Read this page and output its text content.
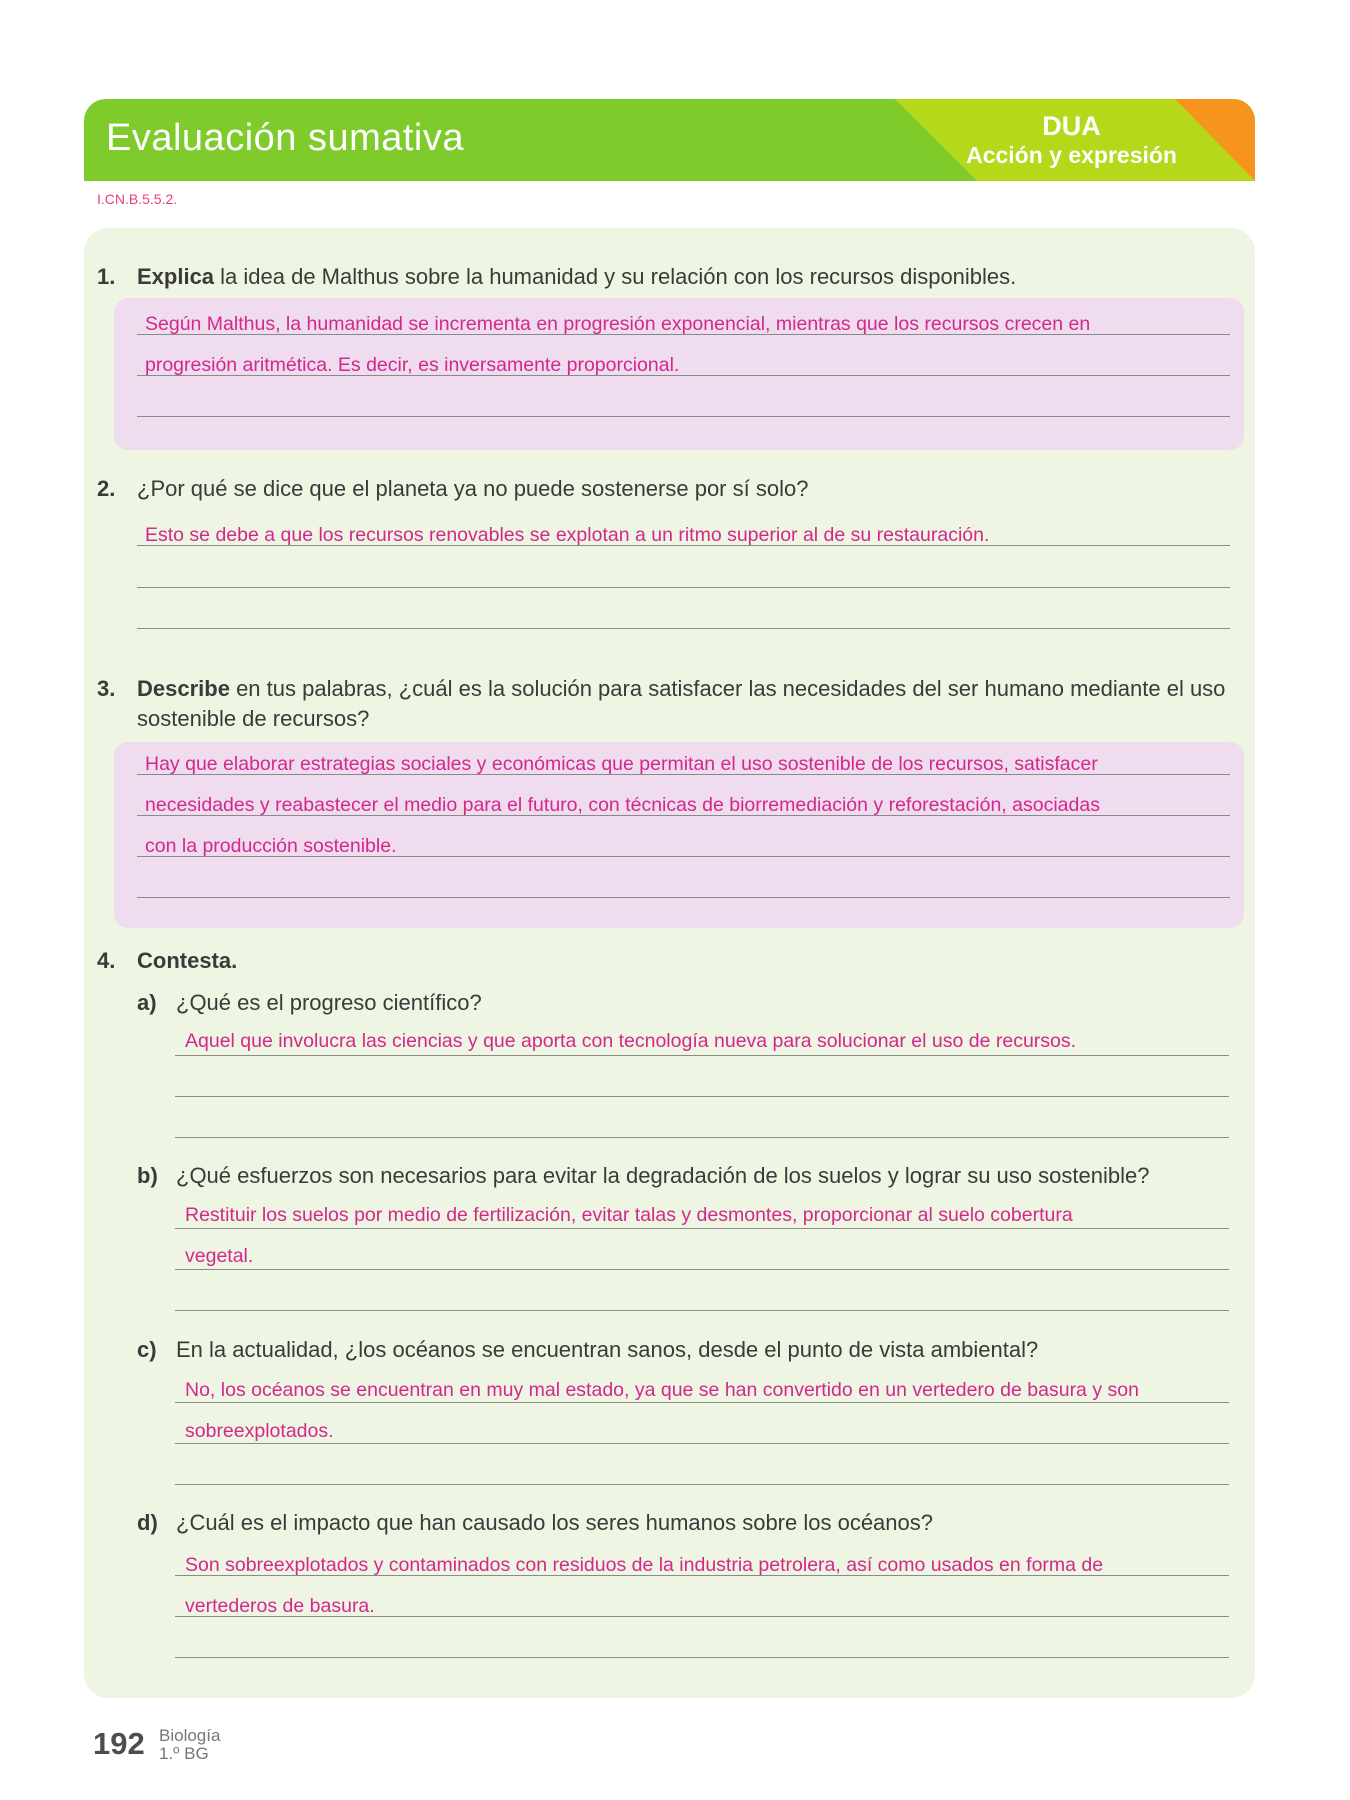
Evaluación sumativa	DUA
Acción y expresión
I.CN.B.5.5.2.
1. Explica la idea de Malthus sobre la humanidad y su relación con los recursos disponibles.
Según Malthus, la humanidad se incrementa en progresión exponencial, mientras que los recursos crecen en
progresión aritmética. Es decir, es inversamente proporcional.
2. ¿Por qué se dice que el planeta ya no puede sostenerse por sí solo?
Esto se debe a que los recursos renovables se explotan a un ritmo superior al de su restauración.
3. Describe en tus palabras, ¿cuál es la solución para satisfacer las necesidades del ser humano mediante el uso sostenible de recursos?
Hay que elaborar estrategias sociales y económicas que permitan el uso sostenible de los recursos, satisfacer
necesidades y reabastecer el medio para el futuro, con técnicas de biorremediación y reforestación, asociadas
con la producción sostenible.
4. Contesta.
a) ¿Qué es el progreso científico?
Aquel que involucra las ciencias y que aporta con tecnología nueva para solucionar el uso de recursos.
b) ¿Qué esfuerzos son necesarios para evitar la degradación de los suelos y lograr su uso sostenible?
Restituir los suelos por medio de fertilización, evitar talas y desmontes, proporcionar al suelo cobertura
vegetal.
c) En la actualidad, ¿los océanos se encuentran sanos, desde el punto de vista ambiental?
No, los océanos se encuentran en muy mal estado, ya que se han convertido en un vertedero de basura y son
sobreexplotados.
d) ¿Cuál es el impacto que han causado los seres humanos sobre los océanos?
Son sobreexplotados y contaminados con residuos de la industria petrolera, así como usados en forma de
vertederos de basura.
192 Biología
1.º BG
